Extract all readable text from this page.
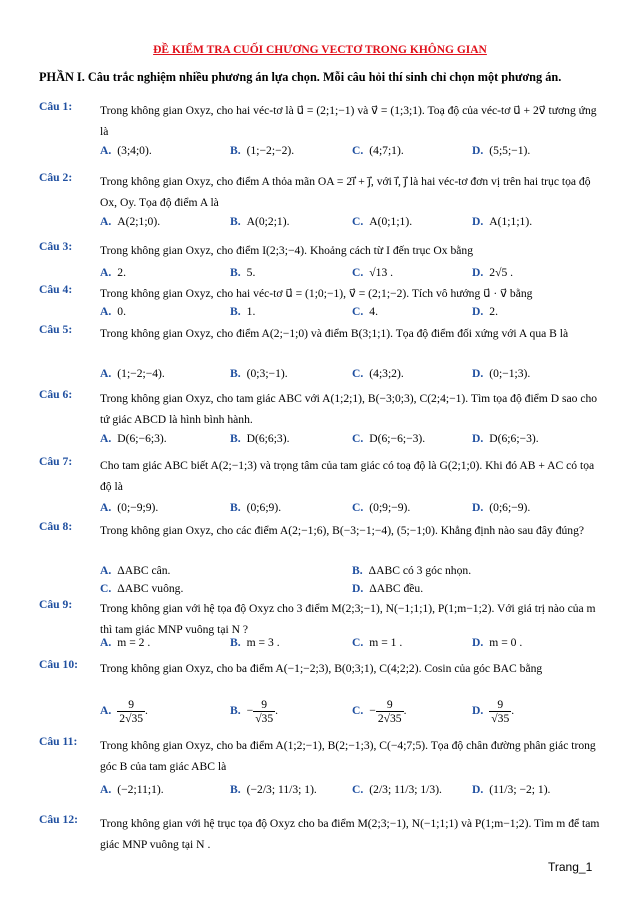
ĐỀ KIỂM TRA CUỐI CHƯƠNG VECTƠ TRONG KHÔNG GIAN
PHẦN I. Câu trắc nghiệm nhiều phương án lựa chọn. Mỗi câu hỏi thí sinh chỉ chọn một phương án.
Câu 1: Trong không gian Oxyz, cho hai véc-tơ là u⃗ = (2;1;−1) và v⃗ = (1;3;1). Toạ độ của véc-tơ u⃗ + 2v⃗ tương ứng là
A. (3;4;0).	B. (1;−2;−2).	C. (4;7;1).	D. (5;5;−1).
Câu 2: Trong không gian Oxyz, cho điểm A thỏa mãn OA = 2i⃗ + j⃗, với i⃗, j⃗ là hai véc-tơ đơn vị trên hai trục tọa độ Ox, Oy. Tọa độ điểm A là
A. A(2;1;0).	B. A(0;2;1).	C. A(0;1;1).	D. A(1;1;1).
Câu 3: Trong không gian Oxyz, cho điểm I(2;3;−4). Khoảng cách từ I đến trục Ox bằng
A. 2.	B. 5.	C. √13 .	D. 2√5 .
Câu 4: Trong không gian Oxyz, cho hai véc-tơ u⃗ = (1;0;−1), v⃗ = (2;1;−2). Tích vô hướng u⃗ · v⃗ bằng
A. 0.	B. 1.	C. 4.	D. 2.
Câu 5: Trong không gian Oxyz, cho điểm A(2;−1;0) và điểm B(3;1;1). Tọa độ điểm đối xứng với A qua B là
A. (1;−2;−4).	B. (0;3;−1).	C. (4;3;2).	D. (0;−1;3).
Câu 6: Trong không gian Oxyz, cho tam giác ABC với A(1;2;1), B(−3;0;3), C(2;4;−1). Tìm tọa độ điểm D sao cho tứ giác ABCD là hình bình hành.
A. D(6;−6;3).	B. D(6;6;3).	C. D(6;−6;−3).	D. D(6;6;−3).
Câu 7: Cho tam giác ABC biết A(2;−1;3) và trọng tâm của tam giác có toạ độ là G(2;1;0). Khi đó AB + AC có tọa độ là
A. (0;−9;9).	B. (0;6;9).	C. (0;9;−9).	D. (0;6;−9).
Câu 8: Trong không gian Oxyz, cho các điểm A(2;−1;6), B(−3;−1;−4), (5;−1;0). Khẳng định nào sau đây đúng?
A. ΔABC cân.	B. ΔABC có 3 góc nhọn.
C. ΔABC vuông.	D. ΔABC đều.
Câu 9: Trong không gian với hệ tọa độ Oxyz cho 3 điểm M(2;3;−1), N(−1;1;1), P(1;m−1;2). Với giá trị nào của m thì tam giác MNP vuông tại N ?
A. m = 2 .	B. m = 3 .	C. m = 1 .	D. m = 0 .
Câu 10: Trong không gian Oxyz, cho ba điểm A(−1;−2;3), B(0;3;1), C(4;2;2). Cosin của góc BAC bằng
A. $\frac{9}{2√35}$ .	B. − $\frac{9}{√35}$ .	C. − $\frac{9}{2√35}$ .	D. $\frac{9}{√35}$ .
Câu 11: Trong không gian Oxyz, cho ba điểm A(1;2;−1), B(2;−1;3), C(−4;7;5). Tọa độ chân đường phân giác trong góc B của tam giác ABC là
A. (−2;11;1).	B. (−2/3; 11/3; 1).	C. (2/3; 11/3; 1/3).	D. (11/3; −2; 1).
Câu 12: Trong không gian với hệ trục tọa độ Oxyz cho ba điểm M(2;3;−1), N(−1;1;1) và P(1;m−1;2). Tìm m để tam giác MNP vuông tại N .
Trang_1
